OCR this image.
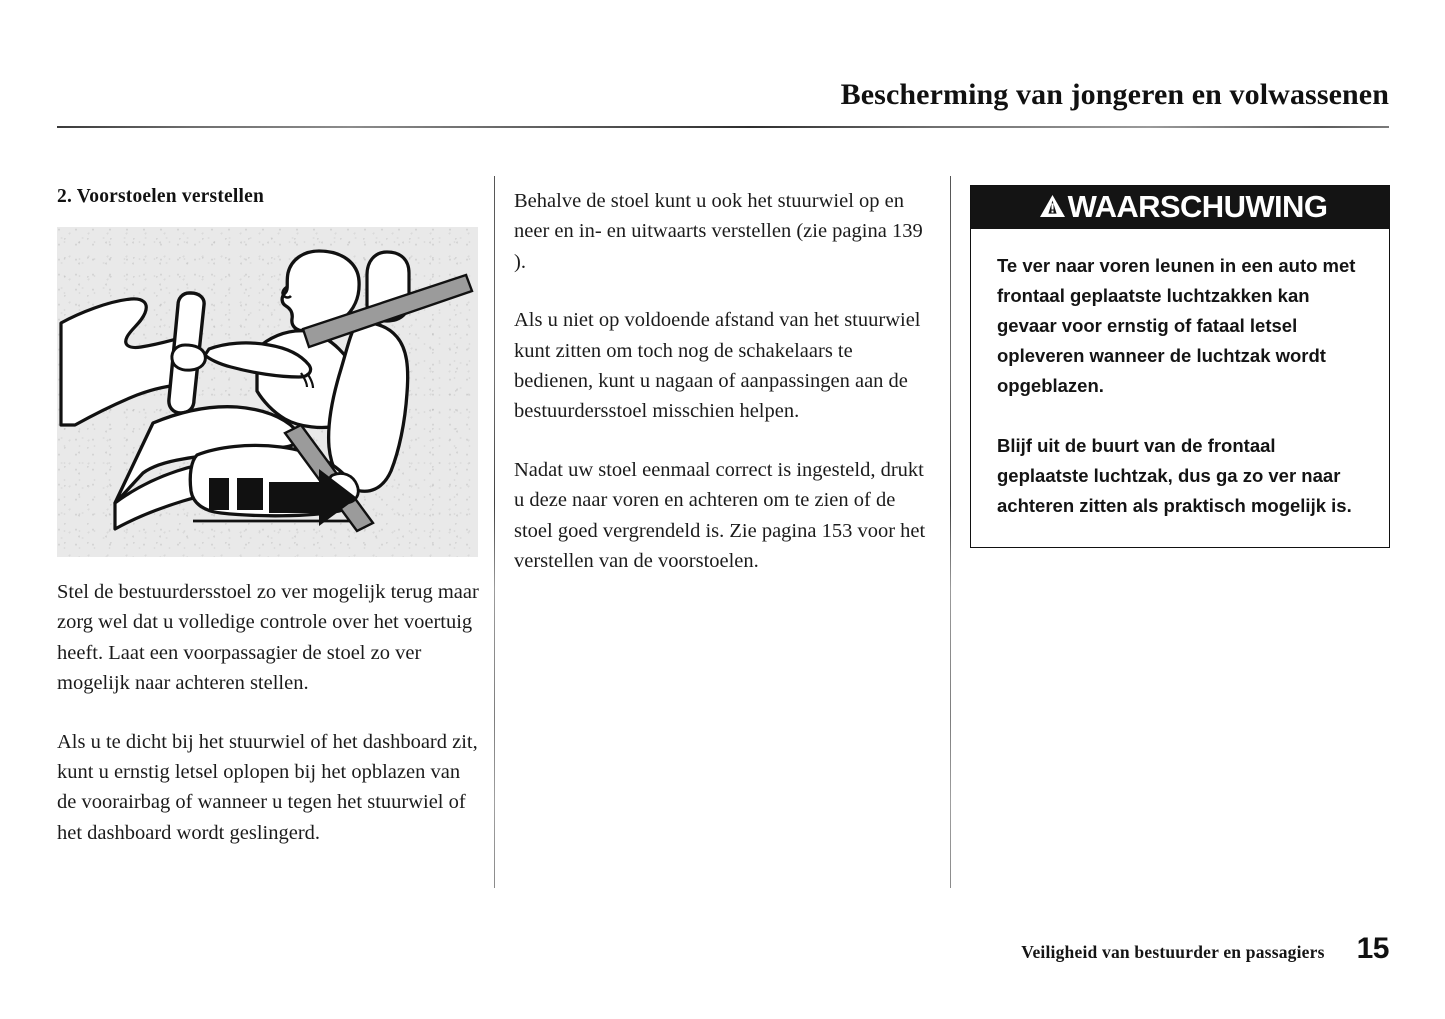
Bescherming van jongeren en volwassenen
2. Voorstoelen verstellen

Stel de bestuurdersstoel zo ver mogelijk terug maar zorg wel dat u volledige controle over het voertuig heeft. Laat een voorpassagier de stoel zo ver mogelijk naar achteren stellen.

Als u te dicht bij het stuurwiel of het dashboard zit, kunt u ernstig letsel oplopen bij het opblazen van de voorairbag of wanneer u tegen het stuurwiel of het dashboard wordt geslingerd.

Behalve de stoel kunt u ook het stuurwiel op en neer en in- en uitwaarts verstellen (zie pagina 139 ).

Als u niet op voldoende afstand van het stuurwiel kunt zitten om toch nog de schakelaars te bedienen, kunt u nagaan of aanpassingen aan de bestuurdersstoel misschien helpen.

Nadat uw stoel eenmaal correct is ingesteld, drukt u deze naar voren en achteren om te zien of de stoel goed vergrendeld is. Zie pagina 153 voor het verstellen van de voorstoelen.

WAARSCHUWING

Te ver naar voren leunen in een auto met frontaal geplaatste luchtzakken kan gevaar voor ernstig of fataal letsel opleveren wanneer de luchtzak wordt opgeblazen.

Blijf uit de buurt van de frontaal geplaatste luchtzak, dus ga zo ver naar achteren zitten als praktisch mogelijk is.

Veiligheid van bestuurder en passagiers 15
